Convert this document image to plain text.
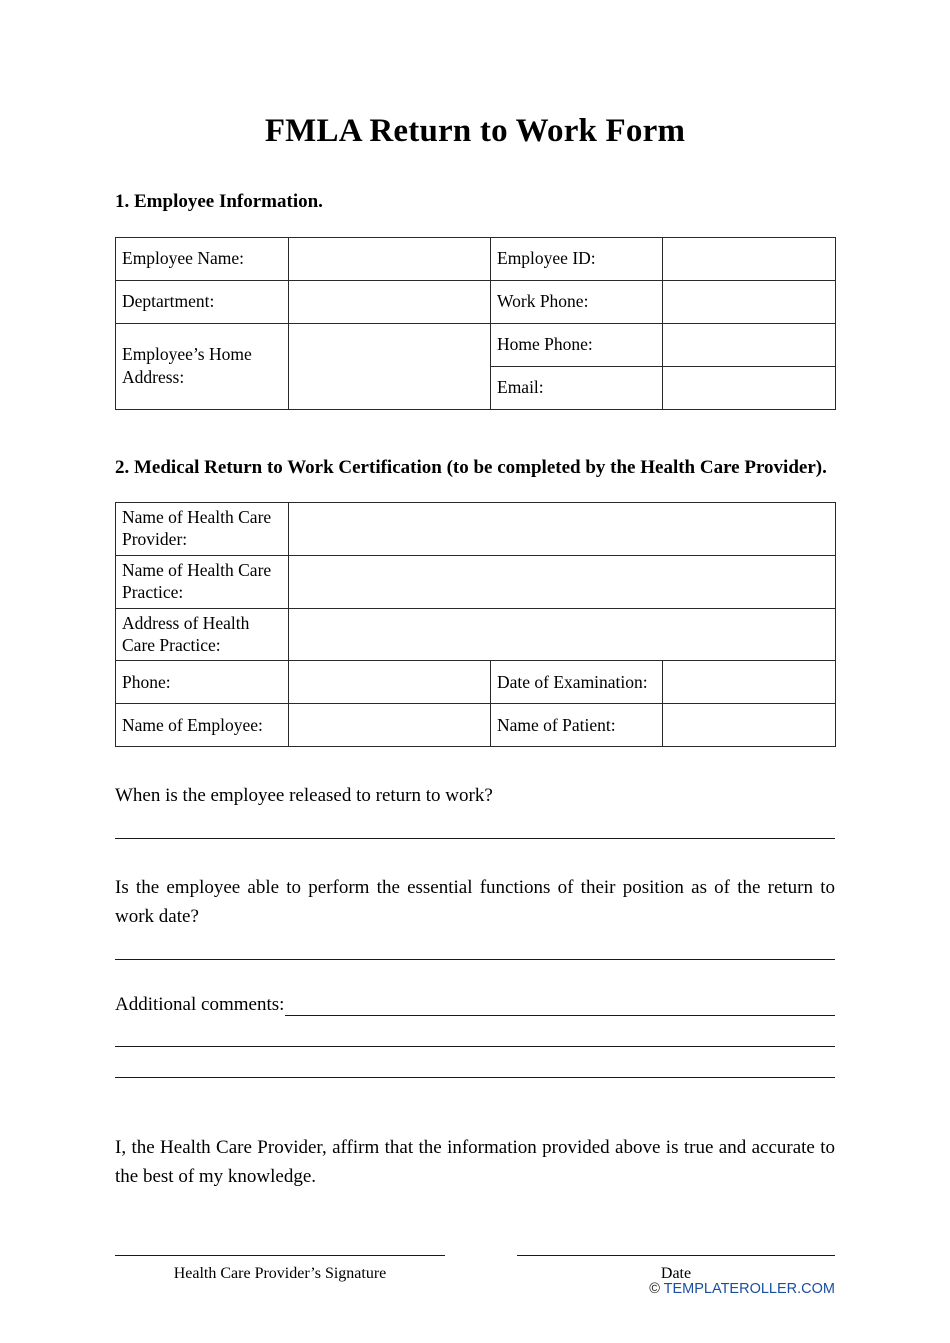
FMLA Return to Work Form
1. Employee Information.
Employee Name:		Employee ID:	
Deptartment:		Work Phone:	
Employee’s Home Address:		Home Phone:	
		Email:	
2. Medical Return to Work Certification (to be completed by the Health Care Provider).
Name of Health Care Provider:			
Name of Health Care Practice:			
Address of Health Care Practice:			
Phone:		Date of Examination:	
Name of Employee:		Name of Patient:	

When is the employee released to return to work?

Is the employee able to perform the essential functions of their position as of the return to work date?

Additional comments:

I, the Health Care Provider, affirm that the information provided above is true and accurate to the best of my knowledge.

Health Care Provider’s Signature	Date
© TEMPLATEROLLER.COM
